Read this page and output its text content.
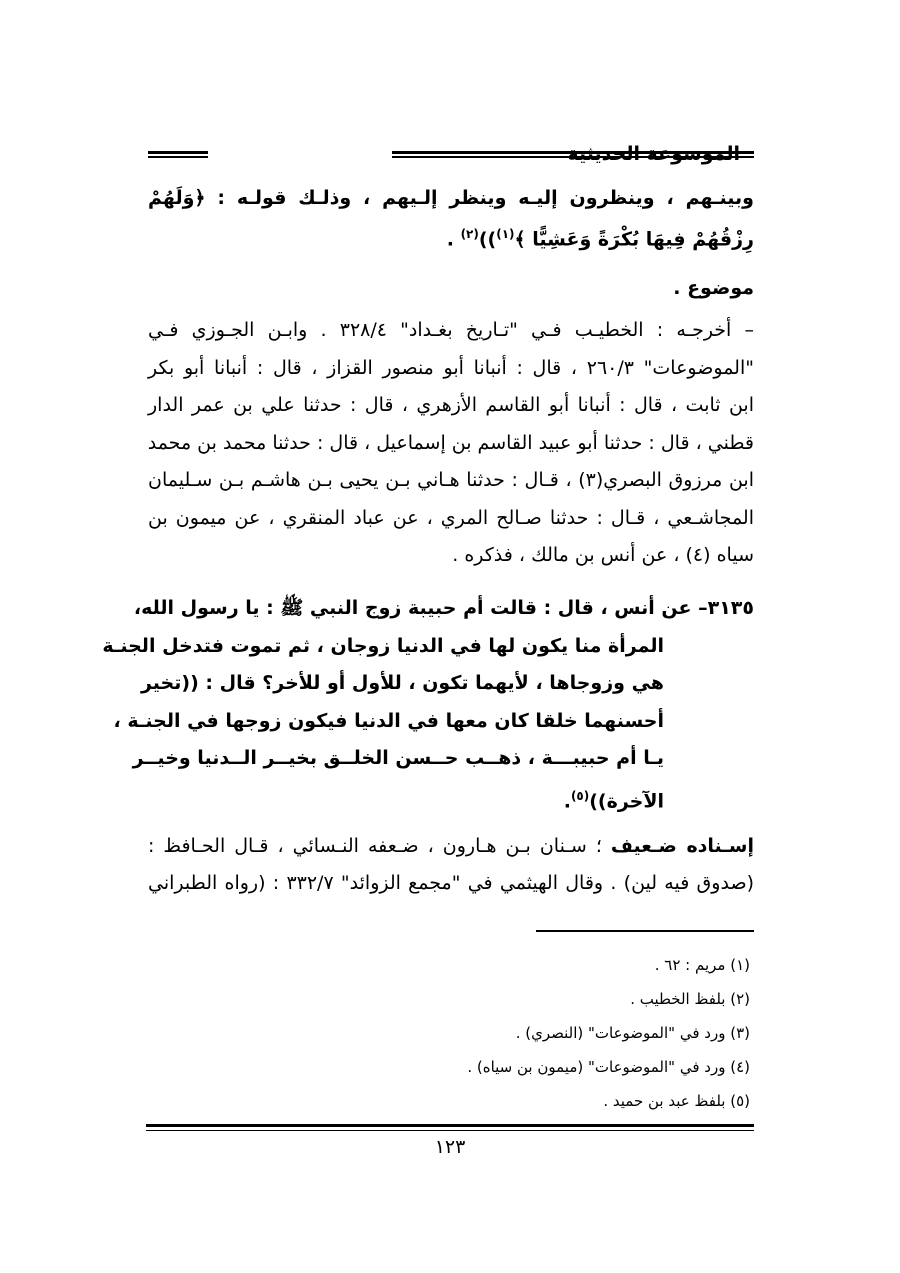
الموسوعة الحديثية
وبينـهم ، وينظرون إليـه وينظر إلـيهم ، وذلـك قولـه : ﴿وَلَهُمْ
رِزْقُهُمْ فِيهَا بُكْرَةً وَعَشِيًّا ﴾$^{(١)}$))$^{(٢)}$ .
موضوع .
– أخرجـه : الخطيـب فـي "تـاريخ بغـداد" ٣٢٨/٤ . وابـن الجـوزي فـي
"الموضوعات" ٢٦٠/٣ ، قال : أنبانا أبو منصور القزاز ، قال : أنبانا أبو بكر
ابن ثابت ، قال : أنبانا أبو القاسم الأزهري ، قال : حدثنا علي بن عمر الدار
قطني ، قال : حدثنا أبو عبيد القاسم بن إسماعيل ، قال : حدثنا محمد بن محمد
ابن مرزوق البصري(٣) ، قـال : حدثنا هـاني بـن يحيى بـن هاشـم بـن سـليمان
المجاشـعي ، قـال : حدثنا صـالح المري ، عن عباد المنقري ، عن ميمون بن
سياه (٤) ، عن أنس بن مالك ، فذكره .
٣١٣٥– عن أنس ، قال : قالت أم حبيبة زوج النبي ﷺ : يا رسول الله،
المرأة منا يكون لها في الدنيا زوجان ، ثم تموت فتدخل الجنـة
هي وزوجاها ، لأيهما تكون ، للأول أو للأخر؟ قال : ((تخير
أحسنهما خلقا كان معها في الدنيا فيكون زوجها في الجنـة ،
يـا أم حبيبـــة ، ذهــب حــسن الخلــق بخيــر الــدنيا وخيــر
الآخرة))$^{(٥)}$.
إسـناده ضـعيف ؛ سـنان بـن هـارون ، ضـعفه النـسائي ، قـال الحـافظ :
(صدوق فيه لين) . وقال الهيثمي في "مجمع الزوائد" ٣٣٢/٧ : (رواه الطبراني
(١) مريم : ٦٢ .
(٢) بلفظ الخطيب .
(٣) ورد في "الموضوعات" (النصري) .
(٤) ورد في "الموضوعات" (ميمون بن سياه) .
(٥) بلفظ عبد بن حميد .
١٢٣
